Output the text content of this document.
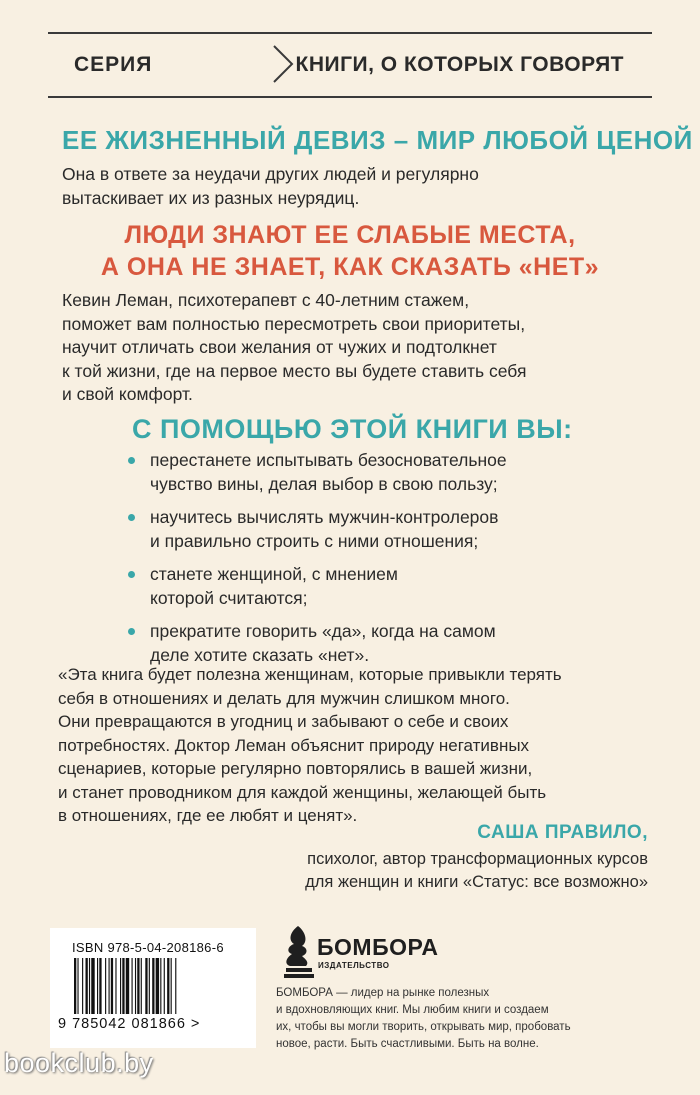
СЕРИЯ	КНИГИ, О КОТОРЫХ ГОВОРЯТ
ЕЕ ЖИЗНЕННЫЙ ДЕВИЗ – МИР ЛЮБОЙ ЦЕНОЙ
Она в ответе за неудачи других людей и регулярно
вытаскивает их из разных неурядиц.
ЛЮДИ ЗНАЮТ ЕЕ СЛАБЫЕ МЕСТА,
А ОНА НЕ ЗНАЕТ, КАК СКАЗАТЬ «НЕТ»
Кевин Леман, психотерапевт с 40-летним стажем,
поможет вам полностью пересмотреть свои приоритеты,
научит отличать свои желания от чужих и подтолкнет
к той жизни, где на первое место вы будете ставить себя
и свой комфорт.
С ПОМОЩЬЮ ЭТОЙ КНИГИ ВЫ:
перестанете испытывать безосновательное
чувство вины, делая выбор в свою пользу;
научитесь вычислять мужчин-контролеров
и правильно строить с ними отношения;
станете женщиной, с мнением
которой считаются;
прекратите говорить «да», когда на самом
деле хотите сказать «нет».
«Эта книга будет полезна женщинам, которые привыкли терять
себя в отношениях и делать для мужчин слишком много.
Они превращаются в угодниц и забывают о себе и своих
потребностях. Доктор Леман объяснит природу негативных
сценариев, которые регулярно повторялись в вашей жизни,
и станет проводником для каждой женщины, желающей быть
в отношениях, где ее любят и ценят».
САША ПРАВИЛО,
психолог, автор трансформационных курсов
для женщин и книги «Статус: все возможно»
ISBN 978-5-04-208186-6
9 785042 081866 >
БОМБОРА
ИЗДАТЕЛЬСТВО
БОМБОРА — лидер на рынке полезных
и вдохновляющих книг. Мы любим книги и создаем
их, чтобы вы могли творить, открывать мир, пробовать
новое, расти. Быть счастливыми. Быть на волне.
bookclub.by
